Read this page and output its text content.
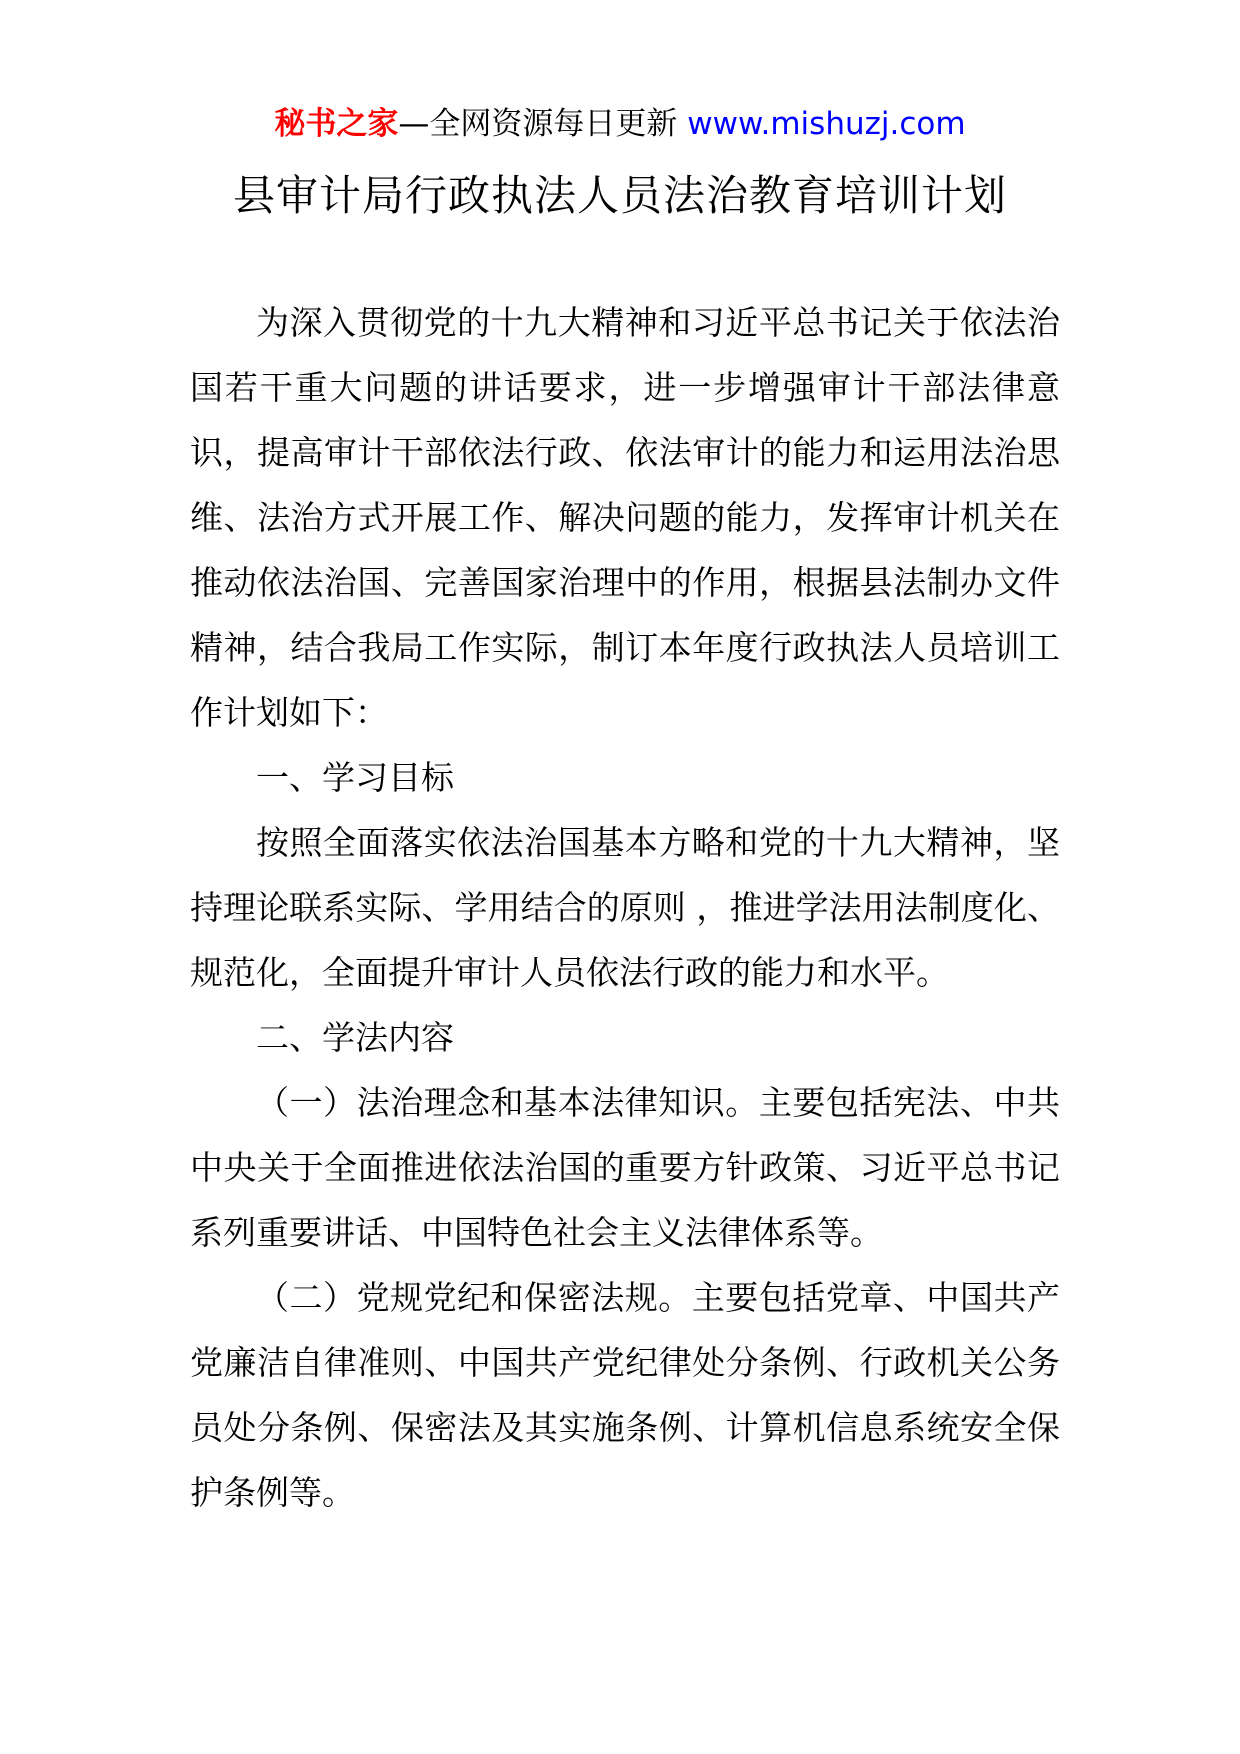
秘书之家—全网资源每日更新 www.mishuzj.com
县审计局行政执法人员法治教育培训计划

为深入贯彻党的十九大精神和习近平总书记关于依法治国若干重大问题的讲话要求，进一步增强审计干部法律意识，提高审计干部依法行政、依法审计的能力和运用法治思维、法治方式开展工作、解决问题的能力，发挥审计机关在推动依法治国、完善国家治理中的作用，根据县法制办文件精神，结合我局工作实际，制订本年度行政执法人员培训工作计划如下：

一、学习目标

按照全面落实依法治国基本方略和党的十九大精神，坚持理论联系实际、学用结合的原则 ，推进学法用法制度化、规范化，全面提升审计人员依法行政的能力和水平。

二、学法内容

（一）法治理念和基本法律知识。主要包括宪法、中共中央关于全面推进依法治国的重要方针政策、习近平总书记系列重要讲话、中国特色社会主义法律体系等。

（二）党规党纪和保密法规。主要包括党章、中国共产党廉洁自律准则、中国共产党纪律处分条例、行政机关公务员处分条例、保密法及其实施条例、计算机信息系统安全保护条例等。
